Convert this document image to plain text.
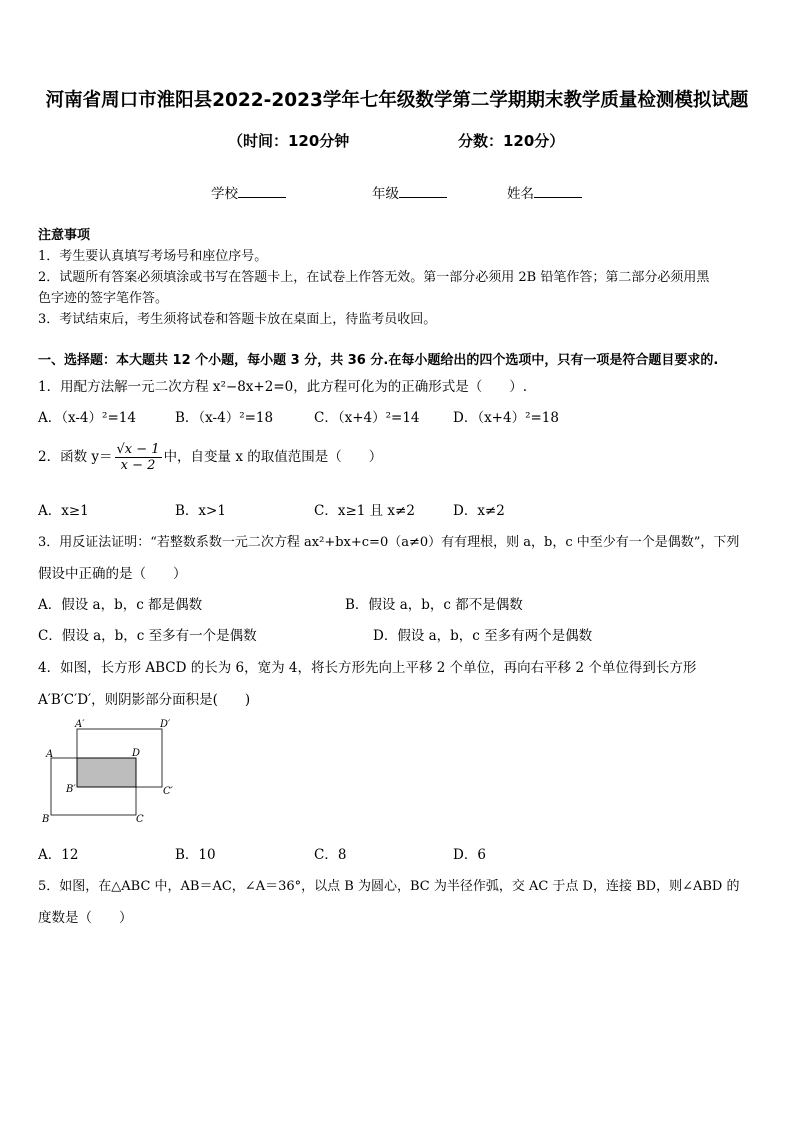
河南省周口市淮阳县2022-2023学年七年级数学第二学期期末教学质量检测模拟试题
（时间：120分钟	分数：120分）
学校	年级	姓名
注意事项
1．考生要认真填写考场号和座位序号。
2．试题所有答案必须填涂或书写在答题卡上，在试卷上作答无效。第一部分必须用 2B 铅笔作答；第二部分必须用黑
色字迹的签字笔作答。
3．考试结束后，考生须将试卷和答题卡放在桌面上，待监考员收回。
一、选择题：本大题共 12 个小题，每小题 3 分，共 36 分.在每小题给出的四个选项中，只有一项是符合题目要求的.
1．用配方法解一元二次方程 x²−8x+2=0，此方程可化为的正确形式是（　　）.
A．（x-4）²=14	B．（x-4）²=18	C．（x+4）²=14 D．（x+4）²=18
2．函数 $y= \frac{√x - 1}{x - 2}$ 中，自变量 x 的取值范围是（　　）
A．x≥1	B．x>1	C．x≥1 且 x≠2	D．x≠2
3．用反证法证明：“若整数系数一元二次方程 ax²+bx+c=0（a≠0）有有理根，则 a，b，c 中至少有一个是偶数”，下列
假设中正确的是（　　）
A．假设 a，b，c 都是偶数	B．假设 a，b，c 都不是偶数
C．假设 a，b，c 至多有一个是偶数	D．假设 a，b，c 至多有两个是偶数
4．如图，长方形 ABCD 的长为 6，宽为 4，将长方形先向上平移 2 个单位，再向右平移 2 个单位得到长方形
A′B′C′D′，则阴影部分面积是(　　)
A′	D′
A	D
B′	C′
B	C
A．12	B．10	C．8	D．6
5．如图，在△ABC 中，AB＝AC，∠A＝36°，以点 B 为圆心，BC 为半径作弧，交 AC 于点 D，连接 BD，则∠ABD 的
度数是（　　）
